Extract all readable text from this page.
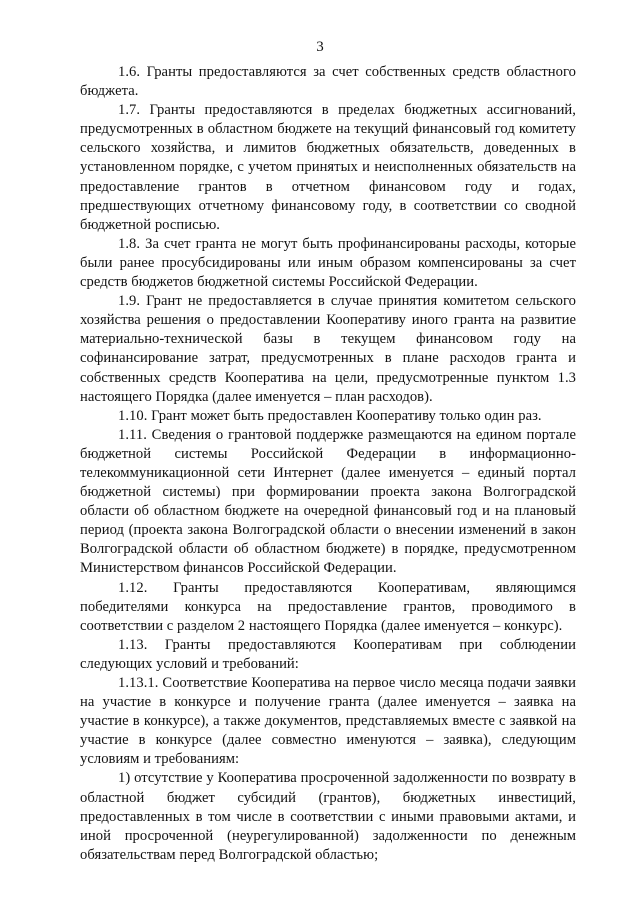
3

1.6. Гранты предоставляются за счет собственных средств областного бюджета.

1.7. Гранты предоставляются в пределах бюджетных ассигнований, предусмотренных в областном бюджете на текущий финансовый год комитету сельского хозяйства, и лимитов бюджетных обязательств, доведенных в установленном порядке, с учетом принятых и неисполненных обязательств на предоставление грантов в отчетном финансовом году и годах, предшествующих отчетному финансовому году, в соответствии со сводной бюджетной росписью.

1.8. За счет гранта не могут быть профинансированы расходы, которые были ранее просубсидированы или иным образом компенсированы за счет средств бюджетов бюджетной системы Российской Федерации.

1.9. Грант не предоставляется в случае принятия комитетом сельского хозяйства решения о предоставлении Кооперативу иного гранта на развитие материально-технической базы в текущем финансовом году на софинансирование затрат, предусмотренных в плане расходов гранта и собственных средств Кооператива на цели, предусмотренные пунктом 1.3 настоящего Порядка (далее именуется – план расходов).

1.10. Грант может быть предоставлен Кооперативу только один раз.

1.11. Сведения о грантовой поддержке размещаются на едином портале бюджетной системы Российской Федерации в информационно-телекоммуникационной сети Интернет (далее именуется – единый портал бюджетной системы) при формировании проекта закона Волгоградской области об областном бюджете на очередной финансовый год и на плановый период (проекта закона Волгоградской области о внесении изменений в закон Волгоградской области об областном бюджете) в порядке, предусмотренном Министерством финансов Российской Федерации.

1.12. Гранты предоставляются Кооперативам, являющимся победителями конкурса на предоставление грантов, проводимого в соответствии с разделом 2 настоящего Порядка (далее именуется – конкурс).

1.13. Гранты предоставляются Кооперативам при соблюдении следующих условий и требований:

1.13.1. Соответствие Кооператива на первое число месяца подачи заявки на участие в конкурсе и получение гранта (далее именуется – заявка на участие в конкурсе), а также документов, представляемых вместе с заявкой на участие в конкурсе (далее совместно именуются – заявка), следующим условиям и требованиям:

1) отсутствие у Кооператива просроченной задолженности по возврату в областной бюджет субсидий (грантов), бюджетных инвестиций, предоставленных в том числе в соответствии с иными правовыми актами, и иной просроченной (неурегулированной) задолженности по денежным обязательствам перед Волгоградской областью;
